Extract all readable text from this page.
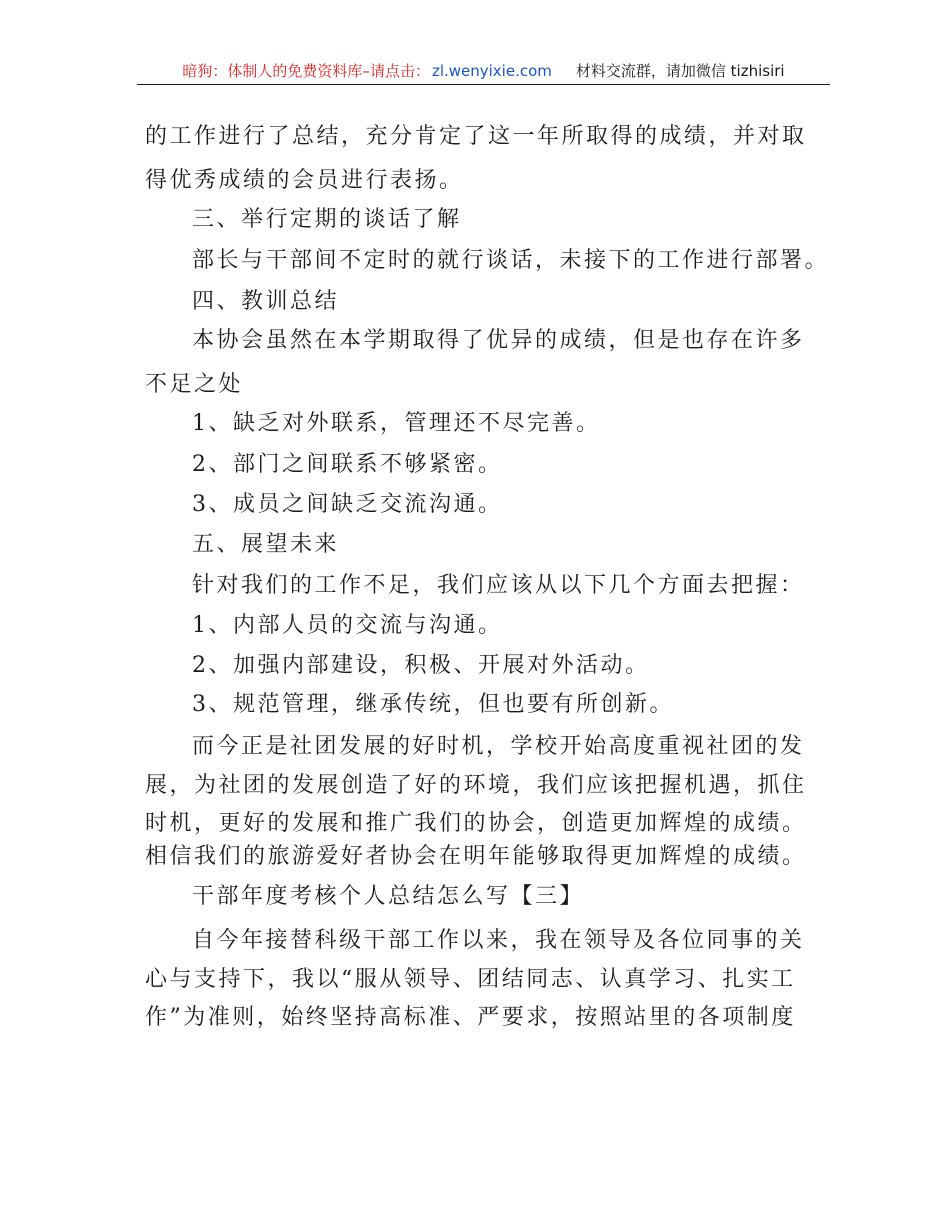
暗狗：体制人的免费资料库–请点击： zl.wenyixie.com 材料交流群，请加微信 tizhisiri
的工作进行了总结，充分肯定了这一年所取得的成绩，并对取
得优秀成绩的会员进行表扬。
三、举行定期的谈话了解
部长与干部间不定时的就行谈话，未接下的工作进行部署。
四、教训总结
本协会虽然在本学期取得了优异的成绩，但是也存在许多
不足之处
1、缺乏对外联系，管理还不尽完善。
2、部门之间联系不够紧密。
3、成员之间缺乏交流沟通。
五、展望未来
针对我们的工作不足，我们应该从以下几个方面去把握：
1、内部人员的交流与沟通。
2、加强内部建设，积极、开展对外活动。
3、规范管理，继承传统，但也要有所创新。
而今正是社团发展的好时机，学校开始高度重视社团的发
展，为社团的发展创造了好的环境，我们应该把握机遇，抓住
时机，更好的发展和推广我们的协会，创造更加辉煌的成绩。
相信我们的旅游爱好者协会在明年能够取得更加辉煌的成绩。
干部年度考核个人总结怎么写【三】
自今年接替科级干部工作以来，我在领导及各位同事的关
心与支持下，我以“服从领导、团结同志、认真学习、扎实工
作”为准则，始终坚持高标准、严要求，按照站里的各项制度
